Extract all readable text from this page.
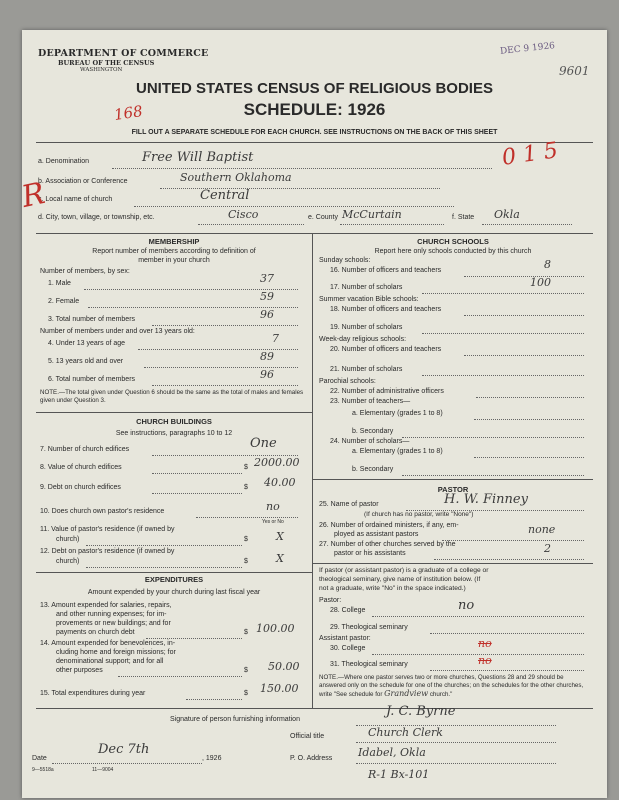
DEPARTMENT OF COMMERCE
BUREAU OF THE CENSUS
WASHINGTON
DEC 9 1926
9601
UNITED STATES CENSUS OF RELIGIOUS BODIES
SCHEDULE: 1926
168
FILL OUT A SEPARATE SCHEDULE FOR EACH CHURCH. SEE INSTRUCTIONS ON THE BACK OF THIS SHEET
a. Denomination	Free Will Baptist	0 1 5
b. Association or Conference	Southern Oklahoma
c. Local name of church	Central
R
d. City, town, village, or township, etc.	Cisco	e. County McCurtain	f. State Okla
MEMBERSHIP
Report number of members according to definition of
member in your church
Number of members, by sex:
1. Male	37
2. Female	59
3. Total number of members	96
Number of members under and over 13 years old:
4. Under 13 years of age	7
5. 13 years old and over	89
6. Total number of members	96
NOTE.—The total given under Question 6 should be the same as the total of males and females given under Question 3.
CHURCH BUILDINGS
See instructions, paragraphs 10 to 12
7. Number of church edifices	One
8. Value of church edifices	$ 2000.00
9. Debt on church edifices	$ 40.00
10. Does church own pastor's residence	no
Yes or No
11. Value of pastor's residence (if owned by
church)	$	X
12. Debt on pastor's residence (if owned by
church)	$	X
EXPENDITURES
Amount expended by your church during last fiscal year
13. Amount expended for salaries, repairs,
and other running expenses; for im-
provements or new buildings; and for
payments on church debt	$ 100.00
14. Amount expended for benevolences, in-
cluding home and foreign missions; for
denominational support; and for all
other purposes	$ 50.00
15. Total expenditures during year	$ 150.00
CHURCH SCHOOLS
Report here only schools conducted by this church
Sunday schools:
16. Number of officers and teachers	8
17. Number of scholars	100
Summer vacation Bible schools:
18. Number of officers and teachers
19. Number of scholars
Week-day religious schools:
20. Number of officers and teachers
21. Number of scholars
Parochial schools:
22. Number of administrative officers
23. Number of teachers—
a. Elementary (grades 1 to 8)
b. Secondary
24. Number of scholars—
a. Elementary (grades 1 to 8)
b. Secondary
PASTOR
25. Name of pastor	H. W. Finney
(If church has no pastor, write "None")
26. Number of ordained ministers, if any, em-
ployed as assistant pastors	none
27. Number of other churches served by the
pastor or his assistants	2
If pastor (or assistant pastor) is a graduate of a college or
theological seminary, give name of institution below. (If
not a graduate, write "No" in the space indicated.)
Pastor:
28. College	no
29. Theological seminary
Assistant pastor:
30. College	no
31. Theological seminary	no
NOTE.—Where one pastor serves two or more churches, Questions 28 and 29 should be answered only on the schedule for one of the churches; on the schedules for the other churches, write "See schedule for Grandview church."
Signature of person furnishing information
J. C. Byrne
Official title	Church Clerk
Date
Dec 7th
, 1926	P. O. Address Idabel, Okla
R-1 Bx-101
9—5518a	11—9004
